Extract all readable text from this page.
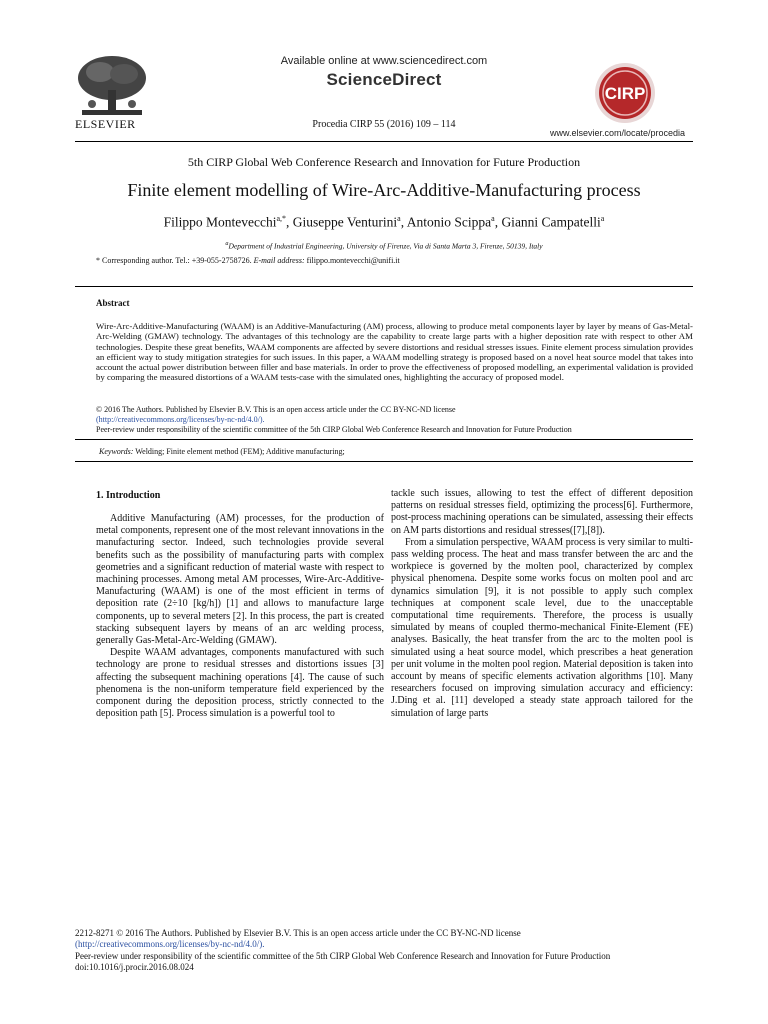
Available online at www.sciencedirect.com
ScienceDirect
Procedia CIRP 55 (2016) 109 – 114
ELSEVIER
CIRP
www.elsevier.com/locate/procedia
5th CIRP Global Web Conference Research and Innovation for Future Production
Finite element modelling of Wire-Arc-Additive-Manufacturing process
Filippo Montevecchi$^{a,*}$, Giuseppe Venturini$^a$, Antonio Scippa$^a$, Gianni Campatelli$^a$
$^a$Department of Industrial Engineering, University of Firenze, Via di Santa Marta 3, Firenze, 50139, Italy
* Corresponding author. Tel.: +39-055-2758726. E-mail address: filippo.montevecchi@unifi.it
Abstract
Wire-Arc-Additive-Manufacturing (WAAM) is an Additive-Manufacturing (AM) process, allowing to produce metal components layer by layer by means of Gas-Metal-Arc-Welding (GMAW) technology. The advantages of this technology are the capability to create large parts with a higher deposition rate with respect to other AM technologies. Despite these great benefits, WAAM components are affected by severe distortions and residual stresses issues. Finite element process simulation provides an efficient way to study mitigation strategies for such issues. In this paper, a WAAM modelling strategy is proposed based on a novel heat source model that takes into account the actual power distribution between filler and base materials. In order to prove the effectiveness of proposed modelling, an experimental validation is provided by comparing the measured distortions of a WAAM tests-case with the simulated ones, highlighting the accuracy of proposed model.
© 2016 The Authors. Published by Elsevier B.V. This is an open access article under the CC BY-NC-ND license
(http://creativecommons.org/licenses/by-nc-nd/4.0/).
Peer-review under responsibility of the scientific committee of the 5th CIRP Global Web Conference Research and Innovation for Future Production
Keywords: Welding; Finite element method (FEM); Additive manufacturing;
1. Introduction

Additive Manufacturing (AM) processes, for the production of metal components, represent one of the most relevant innovations in the manufacturing sector. Indeed, such technologies provide several benefits such as the possibility of manufacturing parts with complex geometries and a significant reduction of material waste with respect to machining processes. Among metal AM processes, Wire-Arc-Additive-Manufacturing (WAAM) is one of the most efficient in terms of deposition rate (2÷10 [kg/h]) [1] and allows to manufacture large components, up to several meters [2]. In this process, the part is created stacking subsequent layers by means of an arc welding process, generally Gas-Metal-Arc-Welding (GMAW).

Despite WAAM advantages, components manufactured with such technology are prone to residual stresses and distortions issues [3] affecting the subsequent machining operations [4]. The cause of such phenomena is the non-uniform temperature field experienced by the component during the deposition process, strictly connected to the deposition path [5]. Process simulation is a powerful tool to

tackle such issues, allowing to test the effect of different deposition patterns on residual stresses field, optimizing the process[6]. Furthermore, post-process machining operations can be simulated, assessing their effects on AM parts distortions and residual stresses([7],[8]).

From a simulation perspective, WAAM process is very similar to multi-pass welding process. The heat and mass transfer between the arc and the workpiece is governed by the molten pool, characterized by complex physical phenomena. Despite some works focus on molten pool and arc dynamics simulation [9], it is not possible to apply such complex techniques at component scale level, due to the unacceptable computational time requirements. Therefore, the process is usually simulated by means of coupled thermo-mechanical Finite-Element (FE) analyses. Basically, the heat transfer from the arc to the molten pool is simulated using a heat source model, which prescribes a heat generation per unit volume in the molten pool region. Material deposition is taken into account by means of specific elements activation algorithms [10]. Many researchers focused on improving simulation accuracy and efficiency: J.Ding et al. [11] developed a steady state approach tailored for the simulation of large parts

2212-8271 © 2016 The Authors. Published by Elsevier B.V. This is an open access article under the CC BY-NC-ND license
(http://creativecommons.org/licenses/by-nc-nd/4.0/).
Peer-review under responsibility of the scientific committee of the 5th CIRP Global Web Conference Research and Innovation for Future Production
doi:10.1016/j.procir.2016.08.024
